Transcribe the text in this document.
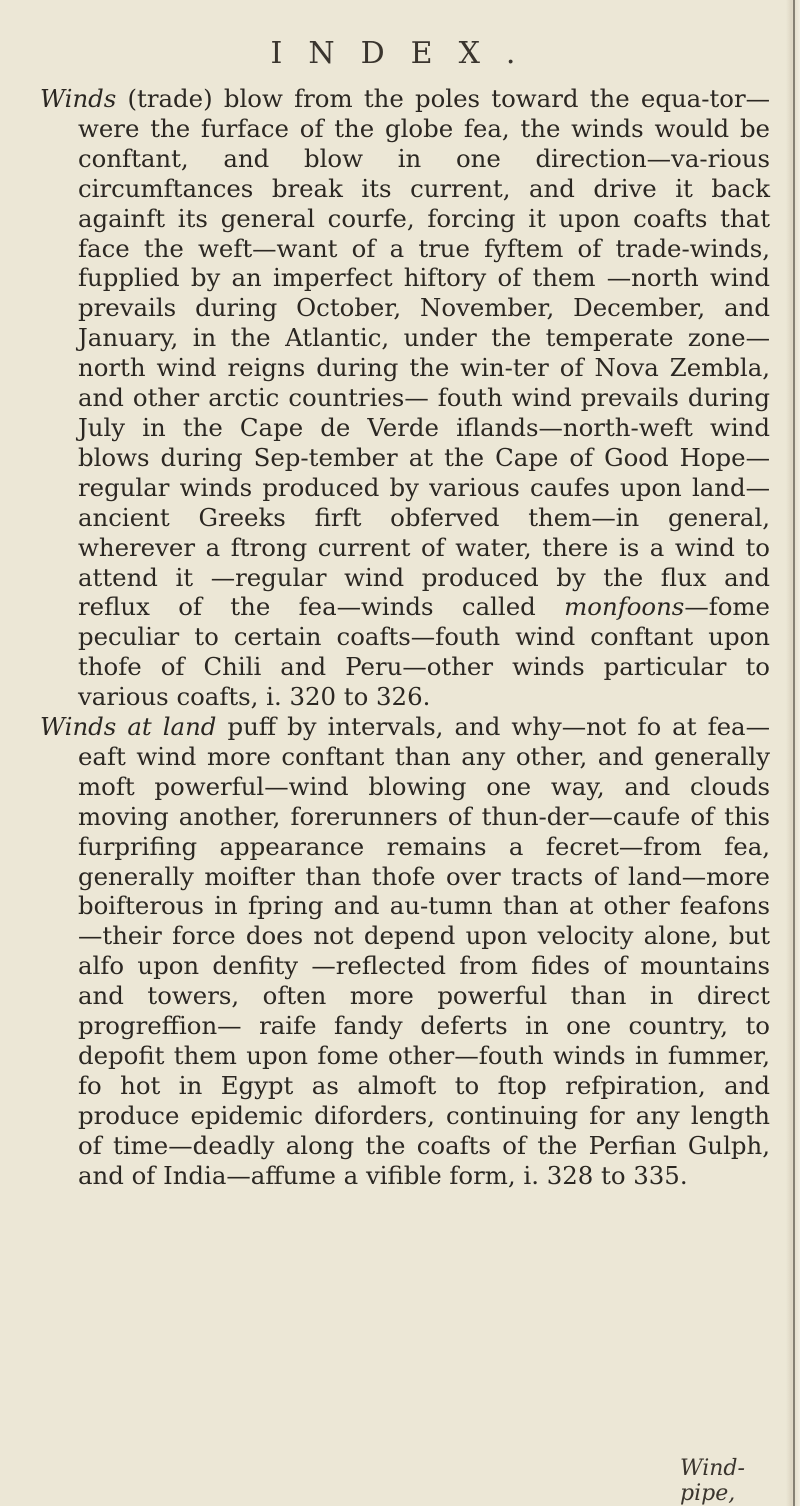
INDEX.

Winds (trade) blow from the poles toward the equa-tor—were the furface of the globe fea, the winds would be conftant, and blow in one direction—va-rious circumftances break its current, and drive it back againft its general courfe, forcing it upon coafts that face the weft—want of a true fyftem of trade-winds, fupplied by an imperfect hiftory of them —north wind prevails during October, November, December, and January, in the Atlantic, under the temperate zone—north wind reigns during the win-ter of Nova Zembla, and other arctic countries— fouth wind prevails during July in the Cape de Verde iflands—north-weft wind blows during Sep-tember at the Cape of Good Hope—regular winds produced by various caufes upon land—ancient Greeks firft obferved them—in general, wherever a ftrong current of water, there is a wind to attend it —regular wind produced by the flux and reflux of the fea—winds called monfoons—fome peculiar to certain coafts—fouth wind conftant upon thofe of Chili and Peru—other winds particular to various coafts, i. 320 to 326.

Winds at land puff by intervals, and why—not fo at fea—eaft wind more conftant than any other, and generally moft powerful—wind blowing one way, and clouds moving another, forerunners of thun-der—caufe of this furprifing appearance remains a fecret—from fea, generally moifter than thofe over tracts of land—more boifterous in fpring and au-tumn than at other feafons—their force does not depend upon velocity alone, but alfo upon denfity —reflected from fides of mountains and towers, often more powerful than in direct progreffion— raife fandy deferts in one country, to depofit them upon fome other—fouth winds in fummer, fo hot in Egypt as almoft to ftop refpiration, and produce epidemic diforders, continuing for any length of time—deadly along the coafts of the Perfian Gulph, and of India—affume a vifible form, i. 328 to 335.

Wind-pipe,
